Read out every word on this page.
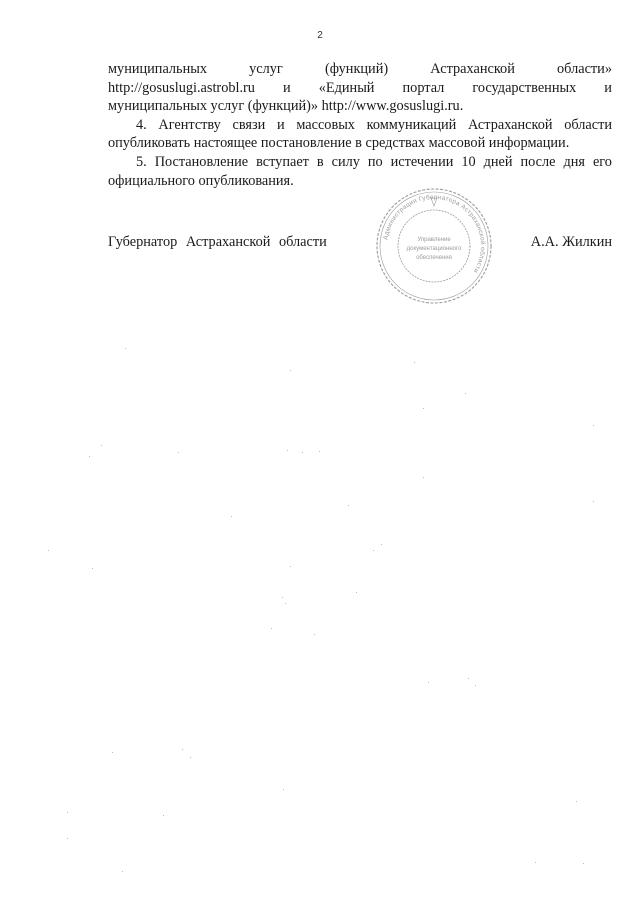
2
муниципальных	услуг	(функций)	Астраханской	области»
http://gosuslugi.astrobl.ru и «Единый портал государственных и
муниципальных услуг (функций)» http://www.gosuslugi.ru.
4. Агентству связи и массовых коммуникаций Астраханской области
опубликовать настоящее постановление в средствах массовой информации.
5. Постановление вступает в силу по истечении 10 дней после дня его
официального опубликования.
Губернатор Астраханской области	А.А. Жилкин
Администрация Губернатора Астраханской области
Управление
документационного
обеспечения
